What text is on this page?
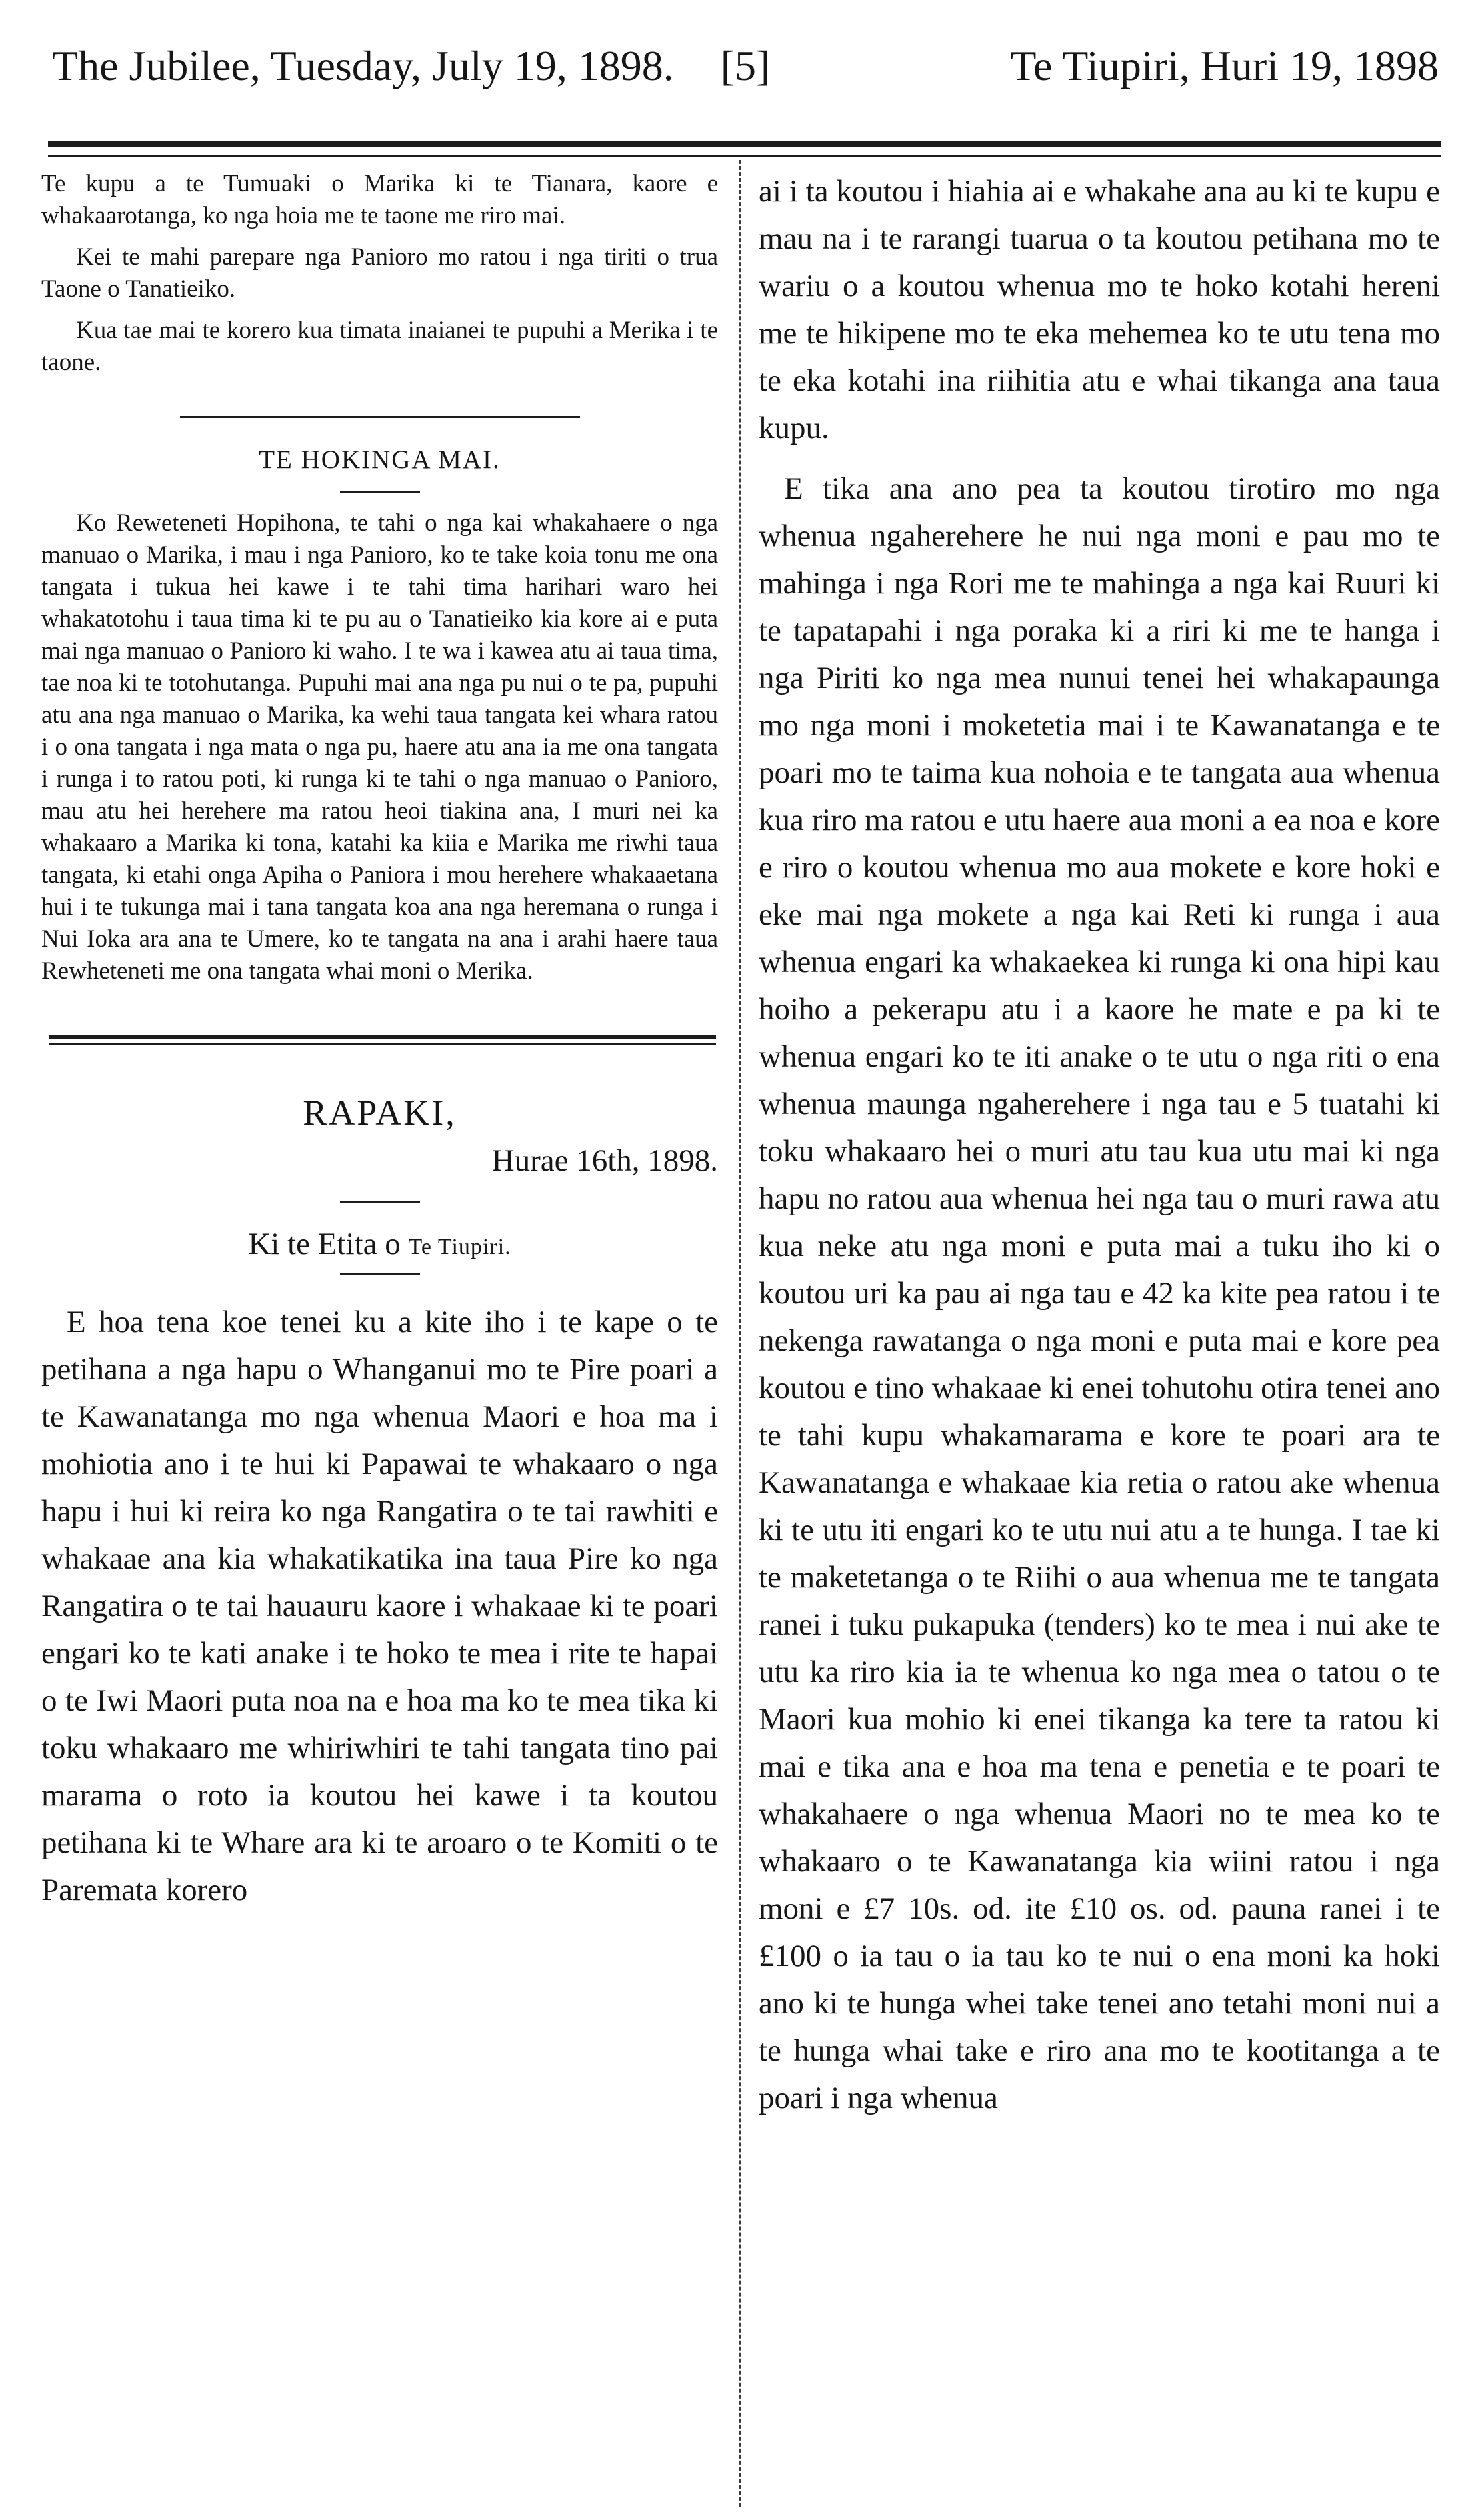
The Jubilee, Tuesday, July 19, 1898. [5]	Te Tiupiri, Huri 19, 1898

Te kupu a te Tumuaki o Marika ki te Tianara, kaore e whakaarotanga, ko nga hoia me te taone me riro mai.

Kei te mahi parepare nga Panioro mo ratou i nga tiriti o trua Taone o Tanatieiko.

Kua tae mai te korero kua timata inaianei te pupuhi a Merika i te taone.

TE HOKINGA MAI.

Ko Reweteneti Hopihona, te tahi o nga kai whakahaere o nga manuao o Marika, i mau i nga Panioro, ko te take koia tonu me ona tangata i tukua hei kawe i te tahi tima harihari waro hei whakatotohu i taua tima ki te pu au o Tanatieiko kia kore ai e puta mai nga manuao o Panioro ki waho. I te wa i kawea atu ai taua tima, tae noa ki te totohutanga. Pupuhi mai ana nga pu nui o te pa, pupuhi atu ana nga manuao o Marika, ka wehi taua tangata kei whara ratou i o ona tangata i nga mata o nga pu, haere atu ana ia me ona tangata i runga i to ratou poti, ki runga ki te tahi o nga manuao o Panioro, mau atu hei herehere ma ratou heoi tiakina ana, I muri nei ka whakaaro a Marika ki tona, katahi ka kiia e Marika me riwhi taua tangata, ki etahi onga Apiha o Paniora i mou herehere whakaaetana hui i te tukunga mai i tana tangata koa ana nga heremana o runga i Nui Ioka ara ana te Umere, ko te tangata na ana i arahi haere taua Rewheteneti me ona tangata whai moni o Merika.

RAPAKI,
Hurae 16th, 1898.
Ki te Etita o Te Tiupiri.

E hoa tena koe tenei ku a kite iho i te kape o te petihana a nga hapu o Whanganui mo te Pire poari a te Kawanatanga mo nga whenua Maori e hoa ma i mohiotia ano i te hui ki Papawai te whakaaro o nga hapu i hui ki reira ko nga Rangatira o te tai rawhiti e whakaae ana kia whakatikatika ina taua Pire ko nga Rangatira o te tai hauauru kaore i whakaae ki te poari engari ko te kati anake i te hoko te mea i rite te hapai o te Iwi Maori puta noa na e hoa ma ko te mea tika ki toku whakaaro me whiriwhiri te tahi tangata tino pai marama o roto ia koutou hei kawe i ta koutou petihana ki te Whare ara ki te aroaro o te Komiti o te Paremata korero

ai i ta koutou i hiahia ai e whakahe ana au ki te kupu e mau na i te rarangi tuarua o ta koutou petihana mo te wariu o a koutou whenua mo te hoko kotahi hereni me te hikipene mo te eka mehemea ko te utu tena mo te eka kotahi ina riihitia atu e whai tikanga ana taua kupu.

E tika ana ano pea ta koutou tirotiro mo nga whenua ngaherehere he nui nga moni e pau mo te mahinga i nga Rori me te mahinga a nga kai Ruuri ki te tapatapahi i nga poraka ki a riri ki me te hanga i nga Piriti ko nga mea nunui tenei hei whakapaunga mo nga moni i moketetia mai i te Kawanatanga e te poari mo te taima kua nohoia e te tangata aua whenua kua riro ma ratou e utu haere aua moni a ea noa e kore e riro o koutou whenua mo aua mokete e kore hoki e eke mai nga mokete a nga kai Reti ki runga i aua whenua engari ka whakaekea ki runga ki ona hipi kau hoiho a pekerapu atu i a kaore he mate e pa ki te whenua engari ko te iti anake o te utu o nga riti o ena whenua maunga ngaherehere i nga tau e 5 tuatahi ki toku whakaaro hei o muri atu tau kua utu mai ki nga hapu no ratou aua whenua hei nga tau o muri rawa atu kua neke atu nga moni e puta mai a tuku iho ki o koutou uri ka pau ai nga tau e 42 ka kite pea ratou i te nekenga rawatanga o nga moni e puta mai e kore pea koutou e tino whakaae ki enei tohutohu otira tenei ano te tahi kupu whakamarama e kore te poari ara te Kawanatanga e whakaae kia retia o ratou ake whenua ki te utu iti engari ko te utu nui atu a te hunga. I tae ki te maketetanga o te Riihi o aua whenua me te tangata ranei i tuku pukapuka (tenders) ko te mea i nui ake te utu ka riro kia ia te whenua ko nga mea o tatou o te Maori kua mohio ki enei tikanga ka tere ta ratou ki mai e tika ana e hoa ma tena e penetia e te poari te whakahaere o nga whenua Maori no te mea ko te whakaaro o te Kawanatanga kia wiini ratou i nga moni e £7 10s. od. ite £10 os. od. pauna ranei i te £100 o ia tau o ia tau ko te nui o ena moni ka hoki ano ki te hunga whei take tenei ano tetahi moni nui a te hunga whai take e riro ana mo te kootitanga a te poari i nga whenua
